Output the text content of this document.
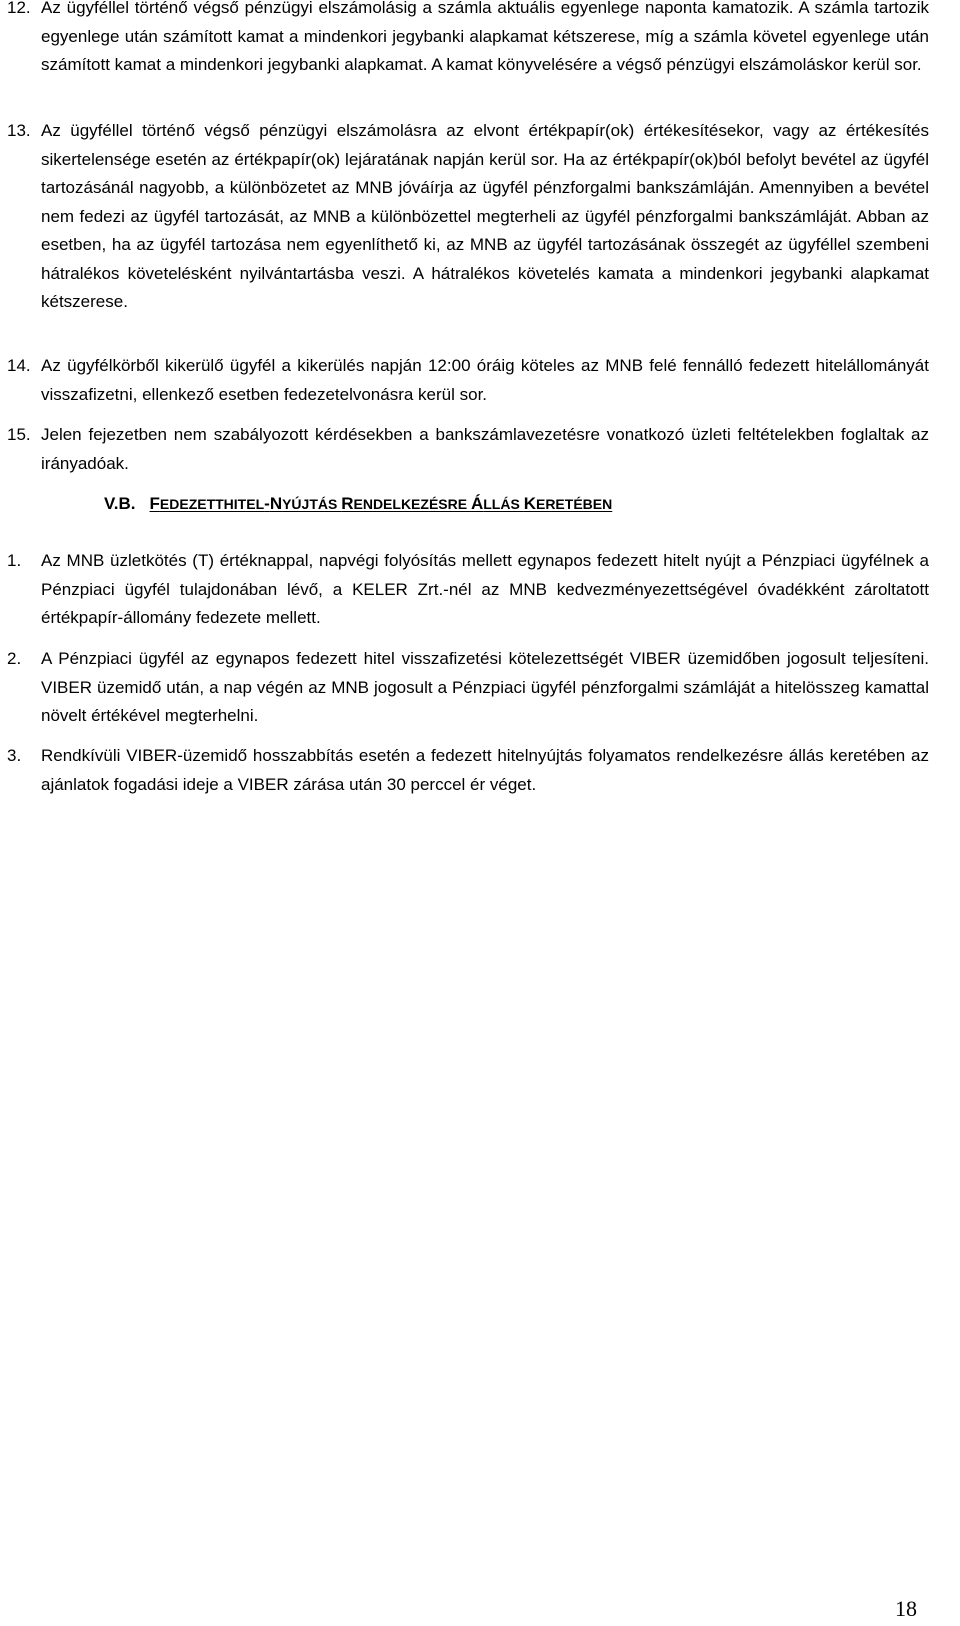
12. Az ügyféllel történő végső pénzügyi elszámolásig a számla aktuális egyenlege naponta kamatozik. A számla tartozik egyenlege után számított kamat a mindenkori jegybanki alapkamat kétszerese, míg a számla követel egyenlege után számított kamat a mindenkori jegybanki alapkamat. A kamat könyvelésére a végső pénzügyi elszámoláskor kerül sor.
13. Az ügyféllel történő végső pénzügyi elszámolásra az elvont értékpapír(ok) értékesítésekor, vagy az értékesítés sikertelensége esetén az értékpapír(ok) lejáratának napján kerül sor. Ha az értékpapír(ok)ból befolyt bevétel az ügyfél tartozásánál nagyobb, a különbözetet az MNB jóváírja az ügyfél pénzforgalmi bankszámláján. Amennyiben a bevétel nem fedezi az ügyfél tartozását, az MNB a különbözettel megterheli az ügyfél pénzforgalmi bankszámláját. Abban az esetben, ha az ügyfél tartozása nem egyenlíthető ki, az MNB az ügyfél tartozásának összegét az ügyféllel szembeni hátralékos követelésként nyilvántartásba veszi. A hátralékos követelés kamata a mindenkori jegybanki alapkamat kétszerese.
14. Az ügyfélkörből kikerülő ügyfél a kikerülés napján 12:00 óráig köteles az MNB felé fennálló fedezett hitelállományát visszafizetni, ellenkező esetben fedezetelvonásra kerül sor.
15. Jelen fejezetben nem szabályozott kérdésekben a bankszámlavezetésre vonatkozó üzleti feltételekben foglaltak az irányadóak.
V.B. FEDEZETTHITEL-NYÚJTÁS RENDELKEZÉSRE ÁLLÁS KERETÉBEN
1. Az MNB üzletkötés (T) értéknappal, napvégi folyósítás mellett egynapos fedezett hitelt nyújt a Pénzpiaci ügyfélnek a Pénzpiaci ügyfél tulajdonában lévő, a KELER Zrt.-nél az MNB kedvezményezettségével óvadékként zároltatott értékpapír-állomány fedezete mellett.
2. A Pénzpiaci ügyfél az egynapos fedezett hitel visszafizetési kötelezettségét VIBER üzemidőben jogosult teljesíteni. VIBER üzemidő után, a nap végén az MNB jogosult a Pénzpiaci ügyfél pénzforgalmi számláját a hitelösszeg kamattal növelt értékével megterhelni.
3. Rendkívüli VIBER-üzemidő hosszabbítás esetén a fedezett hitelnyújtás folyamatos rendelkezésre állás keretében az ajánlatok fogadási ideje a VIBER zárása után 30 perccel ér véget.
18
